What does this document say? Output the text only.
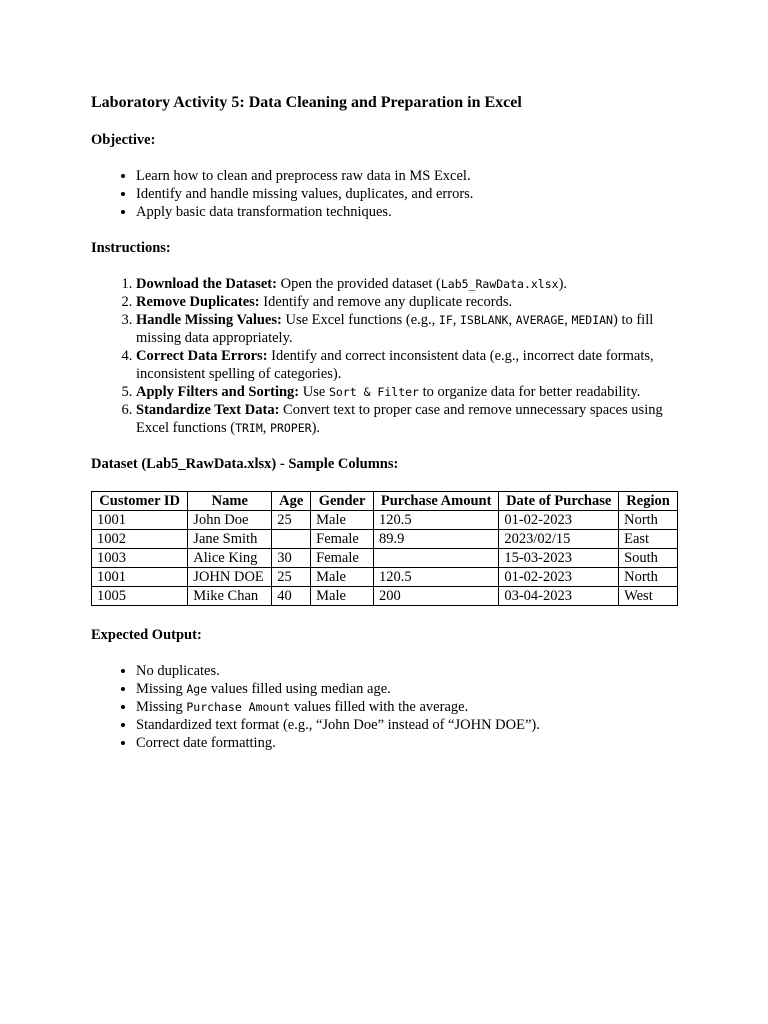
Laboratory Activity 5: Data Cleaning and Preparation in Excel
Objective:
• Learn how to clean and preprocess raw data in MS Excel.
• Identify and handle missing values, duplicates, and errors.
• Apply basic data transformation techniques.
Instructions:
1. Download the Dataset: Open the provided dataset (Lab5_RawData.xlsx).
2. Remove Duplicates: Identify and remove any duplicate records.
3. Handle Missing Values: Use Excel functions (e.g., IF, ISBLANK, AVERAGE, MEDIAN) to fill missing data appropriately.
4. Correct Data Errors: Identify and correct inconsistent data (e.g., incorrect date formats, inconsistent spelling of categories).
5. Apply Filters and Sorting: Use Sort & Filter to organize data for better readability.
6. Standardize Text Data: Convert text to proper case and remove unnecessary spaces using Excel functions (TRIM, PROPER).
Dataset (Lab5_RawData.xlsx) - Sample Columns:
Customer ID	Name	Age	Gender	Purchase Amount	Date of Purchase	Region
1001	John Doe	25	Male	120.5	01-02-2023	North
1002	Jane Smith		Female	89.9	2023/02/15	East
1003	Alice King	30	Female		15-03-2023	South
1001	JOHN DOE	25	Male	120.5	01-02-2023	North
1005	Mike Chan	40	Male	200	03-04-2023	West
Expected Output:
• No duplicates.
• Missing Age values filled using median age.
• Missing Purchase Amount values filled with the average.
• Standardized text format (e.g., “John Doe” instead of “JOHN DOE”).
• Correct date formatting.
